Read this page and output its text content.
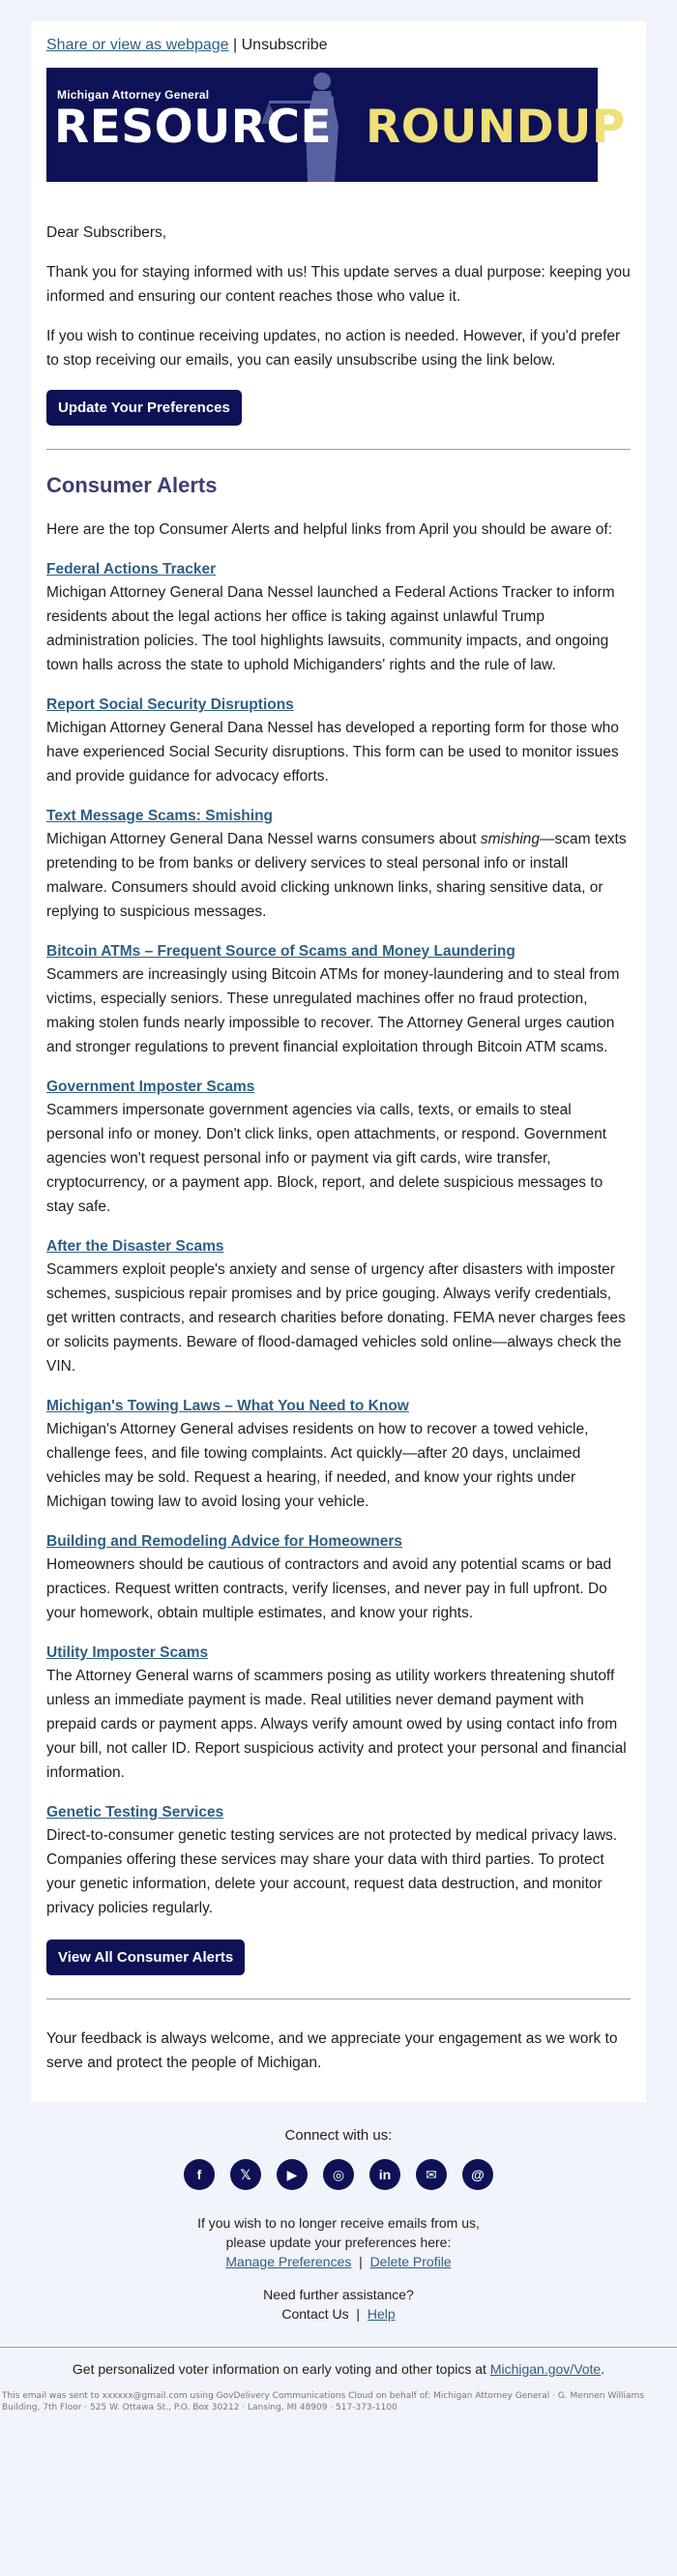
Share or view as webpage | Unsubscribe
Michigan Attorney General
RESOURCE ROUNDUP
Dear Subscribers,
Thank you for staying informed with us! This update serves a dual purpose: keeping you informed and ensuring our content reaches those who value it.
If you wish to continue receiving updates, no action is needed. However, if you'd prefer to stop receiving our emails, you can easily unsubscribe using the link below.
Update Your Preferences
Consumer Alerts
Here are the top Consumer Alerts and helpful links from April you should be aware of:
Federal Actions Tracker
Michigan Attorney General Dana Nessel launched a Federal Actions Tracker to inform residents about the legal actions her office is taking against unlawful Trump administration policies. The tool highlights lawsuits, community impacts, and ongoing town halls across the state to uphold Michiganders' rights and the rule of law.
Report Social Security Disruptions
Michigan Attorney General Dana Nessel has developed a reporting form for those who have experienced Social Security disruptions. This form can be used to monitor issues and provide guidance for advocacy efforts.
Text Message Scams: Smishing
Michigan Attorney General Dana Nessel warns consumers about smishing—scam texts pretending to be from banks or delivery services to steal personal info or install malware. Consumers should avoid clicking unknown links, sharing sensitive data, or replying to suspicious messages.
Bitcoin ATMs – Frequent Source of Scams and Money Laundering
Scammers are increasingly using Bitcoin ATMs for money-laundering and to steal from victims, especially seniors. These unregulated machines offer no fraud protection, making stolen funds nearly impossible to recover. The Attorney General urges caution and stronger regulations to prevent financial exploitation through Bitcoin ATM scams.
Government Imposter Scams
Scammers impersonate government agencies via calls, texts, or emails to steal personal info or money. Don't click links, open attachments, or respond. Government agencies won't request personal info or payment via gift cards, wire transfer, cryptocurrency, or a payment app. Block, report, and delete suspicious messages to stay safe.
After the Disaster Scams
Scammers exploit people's anxiety and sense of urgency after disasters with imposter schemes, suspicious repair promises and by price gouging. Always verify credentials, get written contracts, and research charities before donating. FEMA never charges fees or solicits payments. Beware of flood-damaged vehicles sold online—always check the VIN.
Michigan's Towing Laws – What You Need to Know
Michigan's Attorney General advises residents on how to recover a towed vehicle, challenge fees, and file towing complaints. Act quickly—after 20 days, unclaimed vehicles may be sold. Request a hearing, if needed, and know your rights under Michigan towing law to avoid losing your vehicle.
Building and Remodeling Advice for Homeowners
Homeowners should be cautious of contractors and avoid any potential scams or bad practices. Request written contracts, verify licenses, and never pay in full upfront. Do your homework, obtain multiple estimates, and know your rights.
Utility Imposter Scams
The Attorney General warns of scammers posing as utility workers threatening shutoff unless an immediate payment is made. Real utilities never demand payment with prepaid cards or payment apps. Always verify amount owed by using contact info from your bill, not caller ID. Report suspicious activity and protect your personal and financial information.
Genetic Testing Services
Direct-to-consumer genetic testing services are not protected by medical privacy laws. Companies offering these services may share your data with third parties. To protect your genetic information, delete your account, request data destruction, and monitor privacy policies regularly.
View All Consumer Alerts
Your feedback is always welcome, and we appreciate your engagement as we work to serve and protect the people of Michigan.
Connect with us:
f	𝕏	▶	◎	in	✉	@
If you wish to no longer receive emails from us,
please update your preferences here:
Manage Preferences | Delete Profile
Need further assistance?
Contact Us | Help
Get personalized voter information on early voting and other topics at Michigan.gov/Vote.
This email was sent to xxxxxx@gmail.com using GovDelivery Communications Cloud on behalf of: Michigan Attorney General · G. Mennen Williams Building, 7th Floor · 525 W. Ottawa St., P.O. Box 30212 · Lansing, MI 48909 · 517-373-1100
